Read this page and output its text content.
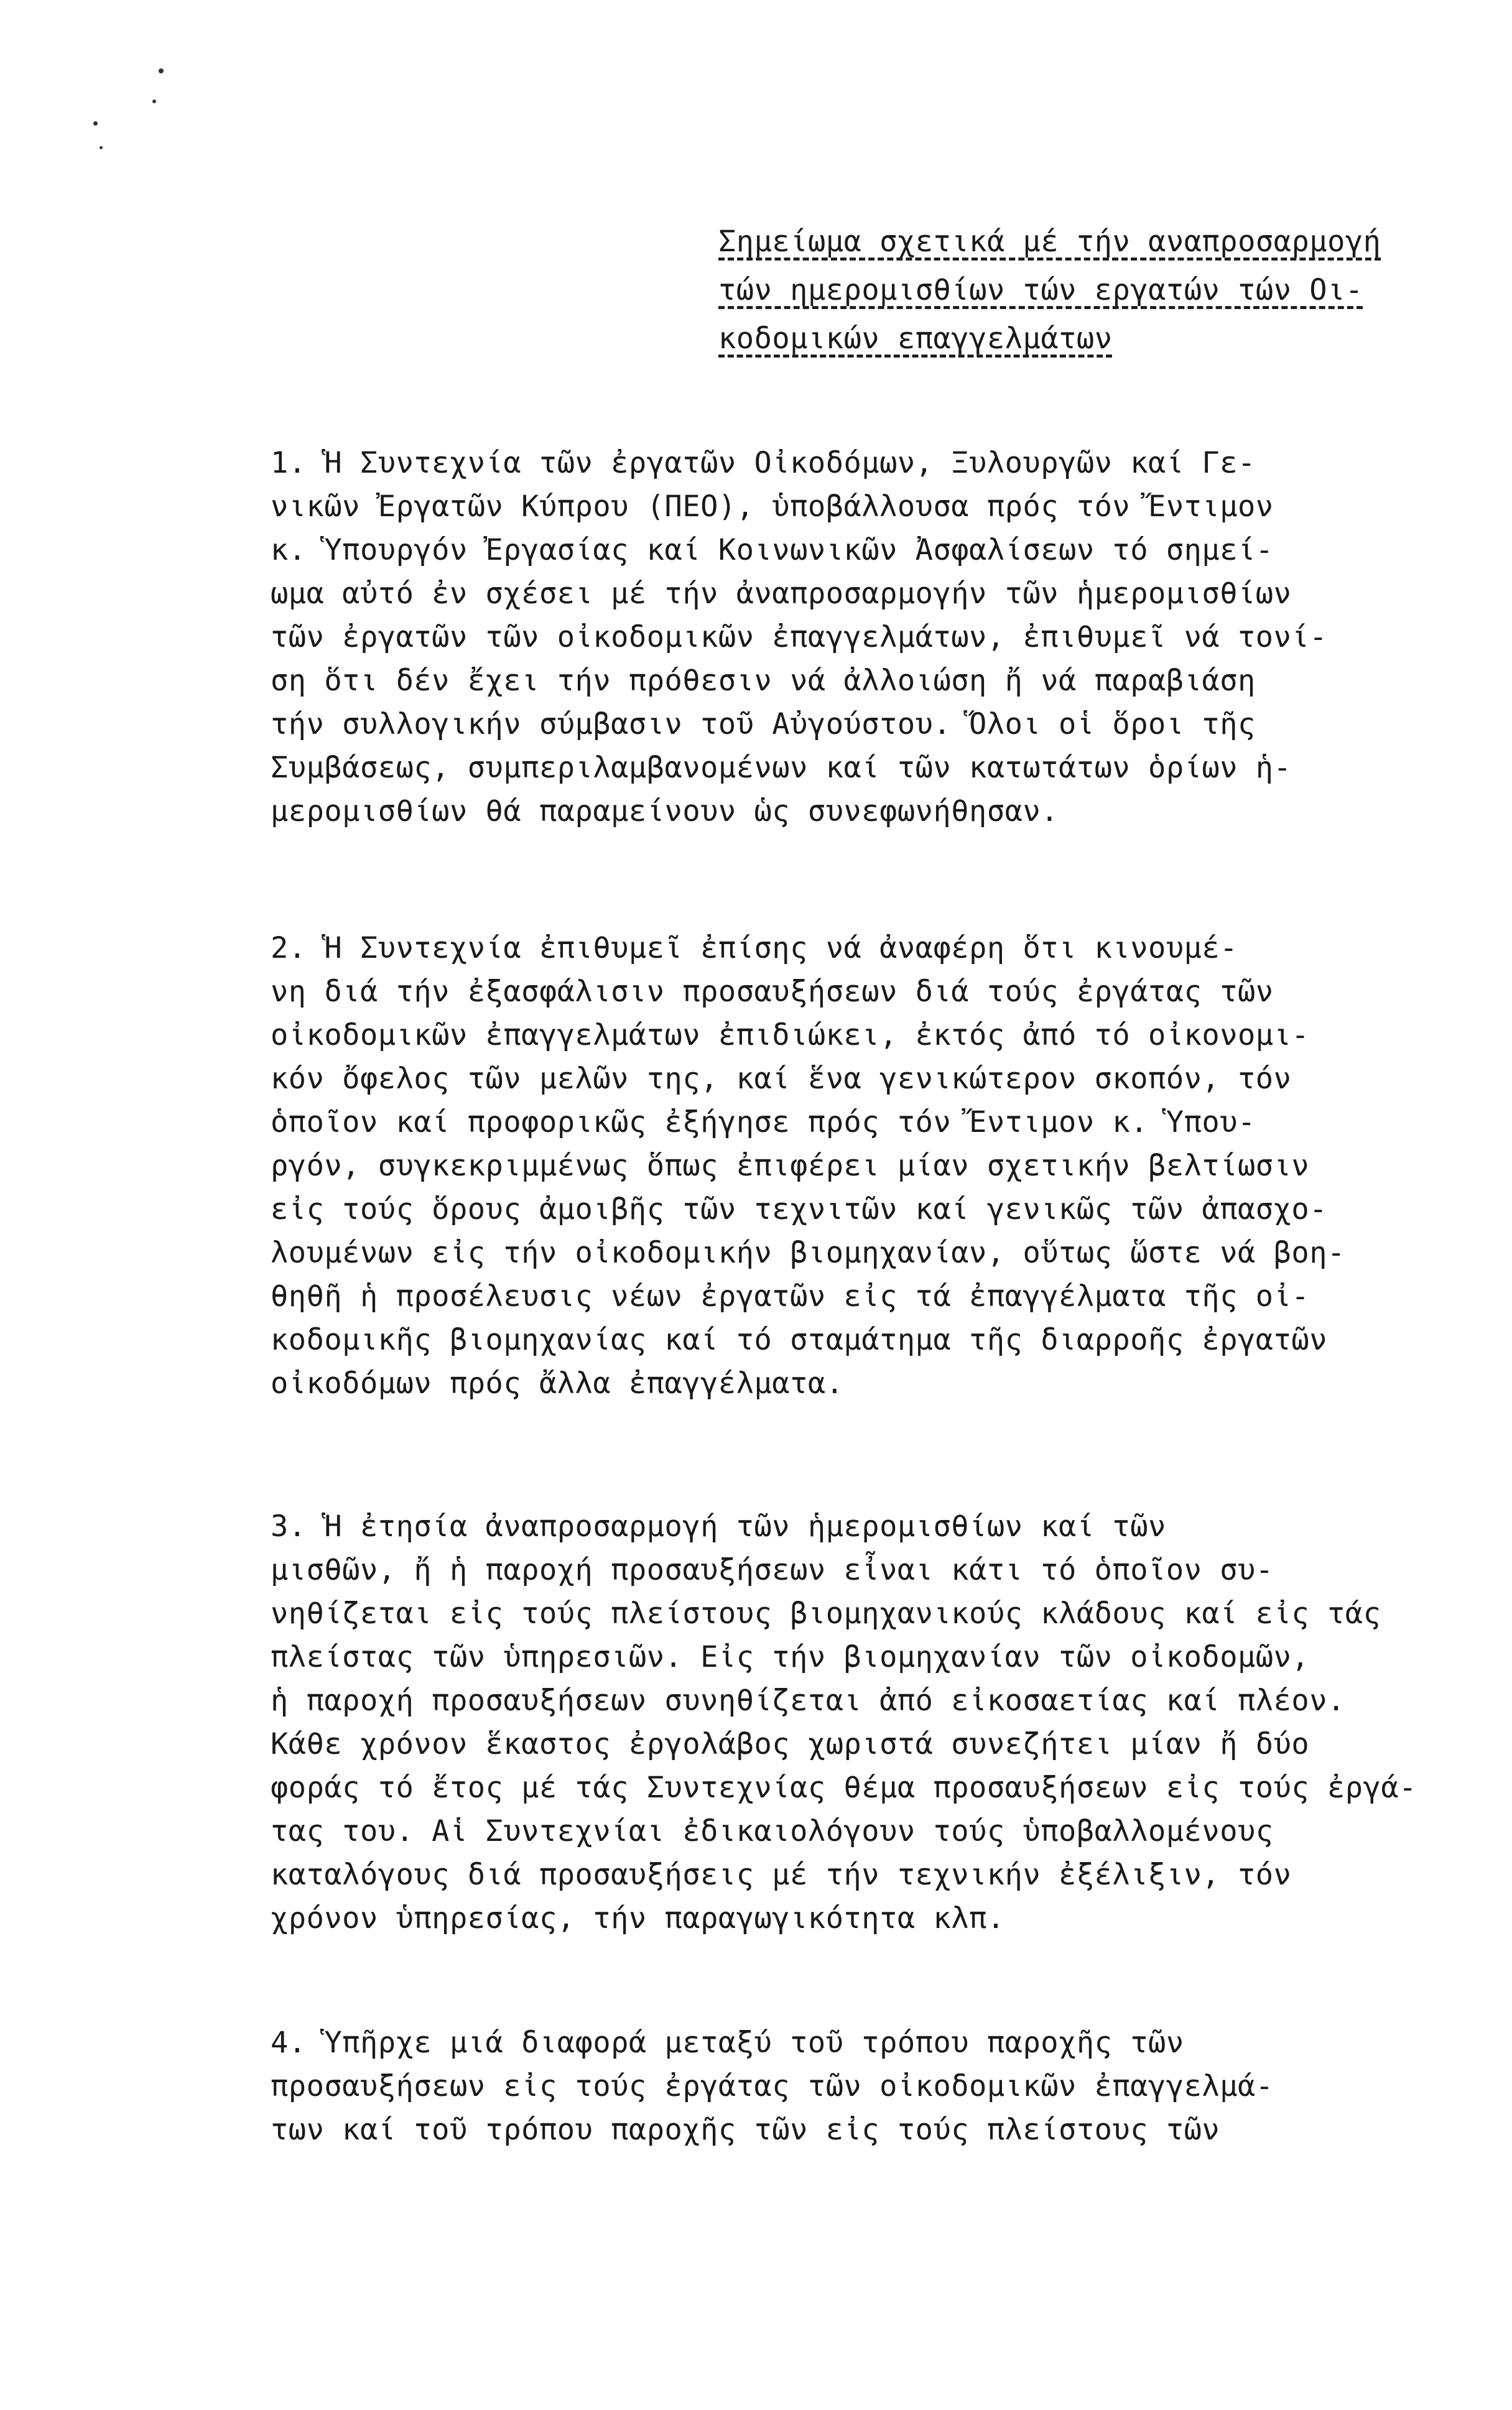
Σημείωμα σχετικά μέ τήν αναπροσαρμογή
τών ημερομισθίων τών εργατών τών Οι-
κοδομικών επαγγελμάτων
1. Ἡ Συντεχνία τῶν ἐργατῶν Οἰκοδόμων, Ξυλουργῶν καί Γε-
νικῶν Ἐργατῶν Κύπρου (ΠΕΟ), ὑποβάλλουσα πρός τόν Ἔντιμον
κ. Ὑπουργόν Ἐργασίας καί Κοινωνικῶν Ἀσφαλίσεων τό σημεί-
ωμα αὐτό ἐν σχέσει μέ τήν ἀναπροσαρμογήν τῶν ἡμερομισθίων
τῶν ἐργατῶν τῶν οἰκοδομικῶν ἐπαγγελμάτων, ἐπιθυμεῖ νά τονί-
ση ὅτι δέν ἔχει τήν πρόθεσιν νά ἀλλοιώση ἤ νά παραβιάση
τήν συλλογικήν σύμβασιν τοῦ Αὐγούστου. Ὅλοι οἱ ὅροι τῆς
Συμβάσεως, συμπεριλαμβανομένων καί τῶν κατωτάτων ὁρίων ἡ-
μερομισθίων θά παραμείνουν ὡς συνεφωνήθησαν.
2. Ἡ Συντεχνία ἐπιθυμεῖ ἐπίσης νά ἀναφέρη ὅτι κινουμέ-
νη διά τήν ἐξασφάλισιν προσαυξήσεων διά τούς ἐργάτας τῶν
οἰκοδομικῶν ἐπαγγελμάτων ἐπιδιώκει, ἐκτός ἀπό τό οἰκονομι-
κόν ὄφελος τῶν μελῶν της, καί ἕνα γενικώτερον σκοπόν, τόν
ὁποῖον καί προφορικῶς ἐξήγησε πρός τόν Ἔντιμον κ. Ὑπου-
ργόν, συγκεκριμμένως ὅπως ἐπιφέρει μίαν σχετικήν βελτίωσιν
εἰς τούς ὅρους ἀμοιβῆς τῶν τεχνιτῶν καί γενικῶς τῶν ἀπασχο-
λουμένων εἰς τήν οἰκοδομικήν βιομηχανίαν, οὕτως ὥστε νά βοη-
θηθῆ ἡ προσέλευσις νέων ἐργατῶν εἰς τά ἐπαγγέλματα τῆς οἰ-
κοδομικῆς βιομηχανίας καί τό σταμάτημα τῆς διαρροῆς ἐργατῶν
οἰκοδόμων πρός ἄλλα ἐπαγγέλματα.
3. Ἡ ἐτησία ἀναπροσαρμογή τῶν ἡμερομισθίων καί τῶν
μισθῶν, ἤ ἡ παροχή προσαυξήσεων εἶναι κάτι τό ὁποῖον συ-
νηθίζεται εἰς τούς πλείστους βιομηχανικούς κλάδους καί εἰς τάς
πλείστας τῶν ὑπηρεσιῶν. Εἰς τήν βιομηχανίαν τῶν οἰκοδομῶν,
ἡ παροχή προσαυξήσεων συνηθίζεται ἀπό εἰκοσαετίας καί πλέον.
Κάθε χρόνον ἕκαστος ἐργολάβος χωριστά συνεζήτει μίαν ἤ δύο
φοράς τό ἔτος μέ τάς Συντεχνίας θέμα προσαυξήσεων εἰς τούς ἐργά-
τας του. Αἱ Συντεχνίαι ἐδικαιολόγουν τούς ὑποβαλλομένους
καταλόγους διά προσαυξήσεις μέ τήν τεχνικήν ἐξέλιξιν, τόν
χρόνον ὑπηρεσίας, τήν παραγωγικότητα κλπ.
4. Ὑπῆρχε μιά διαφορά μεταξύ τοῦ τρόπου παροχῆς τῶν
προσαυξήσεων εἰς τούς ἐργάτας τῶν οἰκοδομικῶν ἐπαγγελμά-
των καί τοῦ τρόπου παροχῆς τῶν εἰς τούς πλείστους τῶν
